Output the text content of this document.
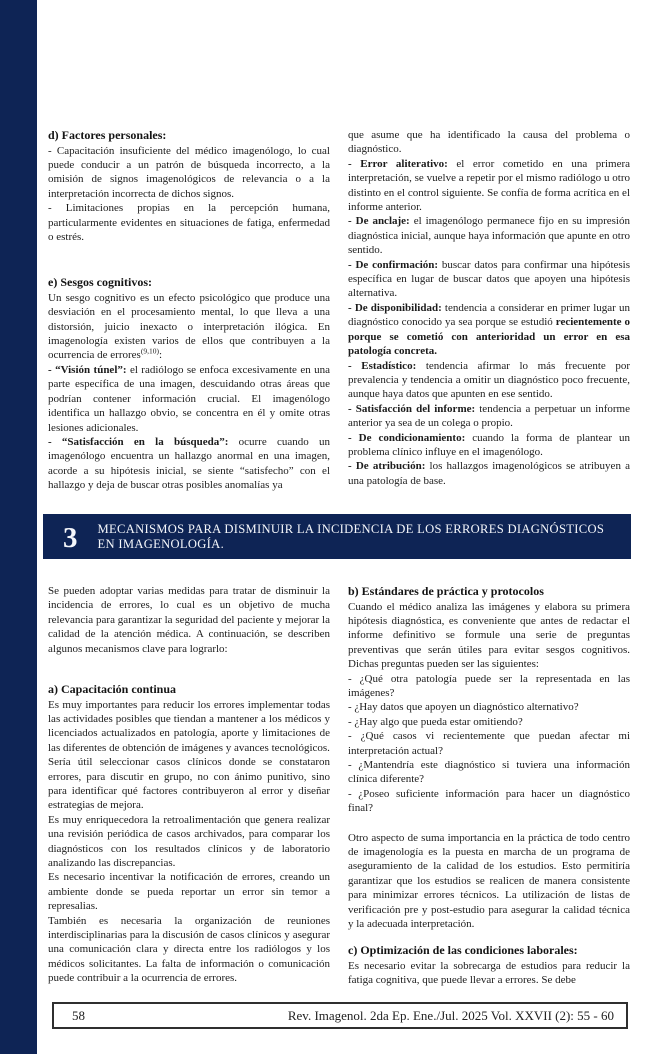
d) Factores personales:

- Capacitación insuficiente del médico imagenólogo, lo cual puede conducir a un patrón de búsqueda incorrecto, a la omisión de signos imagenológicos de relevancia o a la interpretación incorrecta de dichos signos.

- Limitaciones propias en la percepción humana, particularmente evidentes en situaciones de fatiga, enfermedad o estrés.

e) Sesgos cognitivos:

Un sesgo cognitivo es un efecto psicológico que produce una desviación en el procesamiento mental, lo que lleva a una distorsión, juicio inexacto o interpretación ilógica. En imagenología existen varios de ellos que contribuyen a la ocurrencia de errores$^{(9,10)}$:

- “Visión túnel”: el radiólogo se enfoca excesivamente en una parte específica de una imagen, descuidando otras áreas que podrían contener información crucial. El imagenólogo identifica un hallazgo obvio, se concentra en él y omite otras lesiones adicionales.

- “Satisfacción en la búsqueda”: ocurre cuando un imagenólogo encuentra un hallazgo anormal en una imagen, acorde a su hipótesis inicial, se siente “satisfecho” con el hallazgo y deja de buscar otras posibles anomalías ya

que asume que ha identificado la causa del problema o diagnóstico.

- Error aliterativo: el error cometido en una primera interpretación, se vuelve a repetir por el mismo radiólogo u otro distinto en el control siguiente. Se confía de forma acrítica en el informe anterior.

- De anclaje: el imagenólogo permanece fijo en su impresión diagnóstica inicial, aunque haya información que apunte en otro sentido.

- De confirmación: buscar datos para confirmar una hipótesis específica en lugar de buscar datos que apoyen una hipótesis alternativa.

- De disponibilidad: tendencia a considerar en primer lugar un diagnóstico conocido ya sea porque se estudió recientemente o porque se cometió con anterioridad un error en esa patología concreta.

- Estadístico: tendencia afirmar lo más frecuente por prevalencia y tendencia a omitir un diagnóstico poco frecuente, aunque haya datos que apunten en ese sentido.

- Satisfacción del informe: tendencia a perpetuar un informe anterior ya sea de un colega o propio.

- De condicionamiento: cuando la forma de plantear un problema clínico influye en el imagenólogo.

- De atribución: los hallazgos imagenológicos se atribuyen a una patología de base.

3 MECANISMOS PARA DISMINUIR LA INCIDENCIA DE LOS ERRORES DIAGNÓSTICOS
EN IMAGENOLOGÍA.

Se pueden adoptar varias medidas para tratar de disminuir la incidencia de errores, lo cual es un objetivo de mucha relevancia para garantizar la seguridad del paciente y mejorar la calidad de la atención médica. A continuación, se describen algunos mecanismos clave para lograrlo:

a) Capacitación continua

Es muy importantes para reducir los errores implementar todas las actividades posibles que tiendan a mantener a los médicos y licenciados actualizados en patología, aporte y limitaciones de las diferentes de obtención de imágenes y avances tecnológicos.

Sería útil seleccionar casos clínicos donde se constataron errores, para discutir en grupo, no con ánimo punitivo, sino para identificar qué factores contribuyeron al error y diseñar estrategias de mejora.

Es muy enriquecedora la retroalimentación que genera realizar una revisión periódica de casos archivados, para comparar los diagnósticos con los resultados clínicos y de laboratorio analizando las discrepancias.

Es necesario incentivar la notificación de errores, creando un ambiente donde se pueda reportar un error sin temor a represalias.

También es necesaria la organización de reuniones interdisciplinarias para la discusión de casos clínicos y asegurar una comunicación clara y directa entre los radiólogos y los médicos solicitantes. La falta de información o comunicación puede contribuir a la ocurrencia de errores.

b) Estándares de práctica y protocolos

Cuando el médico analiza las imágenes y elabora su primera hipótesis diagnóstica, es conveniente que antes de redactar el informe definitivo se formule una serie de preguntas preventivas que serán útiles para evitar sesgos cognitivos. Dichas preguntas pueden ser las siguientes:

- ¿Qué otra patología puede ser la representada en las imágenes?

- ¿Hay datos que apoyen un diagnóstico alternativo?

- ¿Hay algo que pueda estar omitiendo?

- ¿Qué casos vi recientemente que puedan afectar mi interpretación actual?

- ¿Mantendría este diagnóstico si tuviera una información clínica diferente?

- ¿Poseo suficiente información para hacer un diagnóstico final?

Otro aspecto de suma importancia en la práctica de todo centro de imagenología es la puesta en marcha de un programa de aseguramiento de la calidad de los estudios. Esto permitiría garantizar que los estudios se realicen de manera consistente para minimizar errores técnicos. La utilización de listas de verificación pre y post-estudio para asegurar la calidad técnica y la adecuada interpretación.

c) Optimización de las condiciones laborales:

Es necesario evitar la sobrecarga de estudios para reducir la fatiga cognitiva, que puede llevar a errores. Se debe

58	Rev. Imagenol. 2da Ep. Ene./Jul. 2025 Vol. XXVII (2): 55 - 60
